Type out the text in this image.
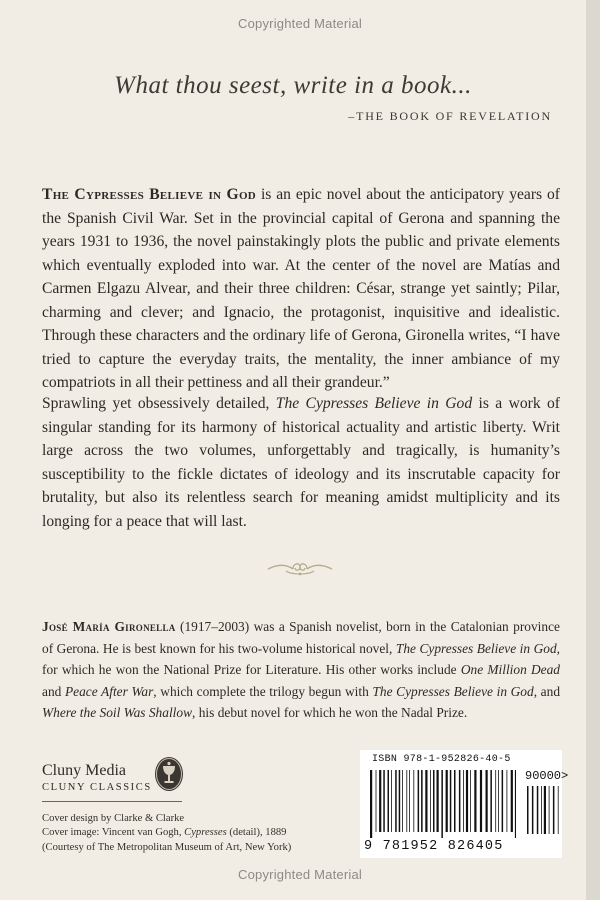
Copyrighted Material
What thou seest, write in a book...
–THE BOOK OF REVELATION

The Cypresses Believe in God is an epic novel about the anticipatory years of the Spanish Civil War. Set in the provincial capital of Gerona and spanning the years 1931 to 1936, the novel painstakingly plots the public and private elements which eventually exploded into war. At the center of the novel are Matías and Carmen Elgazu Alvear, and their three children: César, strange yet saintly; Pilar, charming and clever; and Ignacio, the protagonist, inquisitive and idealistic. Through these characters and the ordinary life of Gerona, Gironella writes, “I have tried to capture the everyday traits, the mentality, the inner ambiance of my compatriots in all their pettiness and all their grandeur.”

Sprawling yet obsessively detailed, The Cypresses Believe in God is a work of singular standing for its harmony of historical actuality and artistic liberty. Writ large across the two volumes, unforgettably and tragically, is humanity’s susceptibility to the fickle dictates of ideology and its inscrutable capacity for brutality, but also its relentless search for meaning amidst multiplicity and its longing for a peace that will last.

José María Gironella (1917–2003) was a Spanish novelist, born in the Catalonian province of Gerona. He is best known for his two-volume historical novel, The Cypresses Believe in God, for which he won the National Prize for Literature. His other works include One Million Dead and Peace After War, which complete the trilogy begun with The Cypresses Believe in God, and Where the Soil Was Shallow, his debut novel for which he won the Nadal Prize.

Cluny Media
CLUNY CLASSICS
Cover design by Clarke & Clarke
Cover image: Vincent van Gogh, Cypresses (detail), 1889
(Courtesy of The Metropolitan Museum of Art, New York)
ISBN 978-1-952826-40-5
90000>
9 781952 826405
Copyrighted Material
